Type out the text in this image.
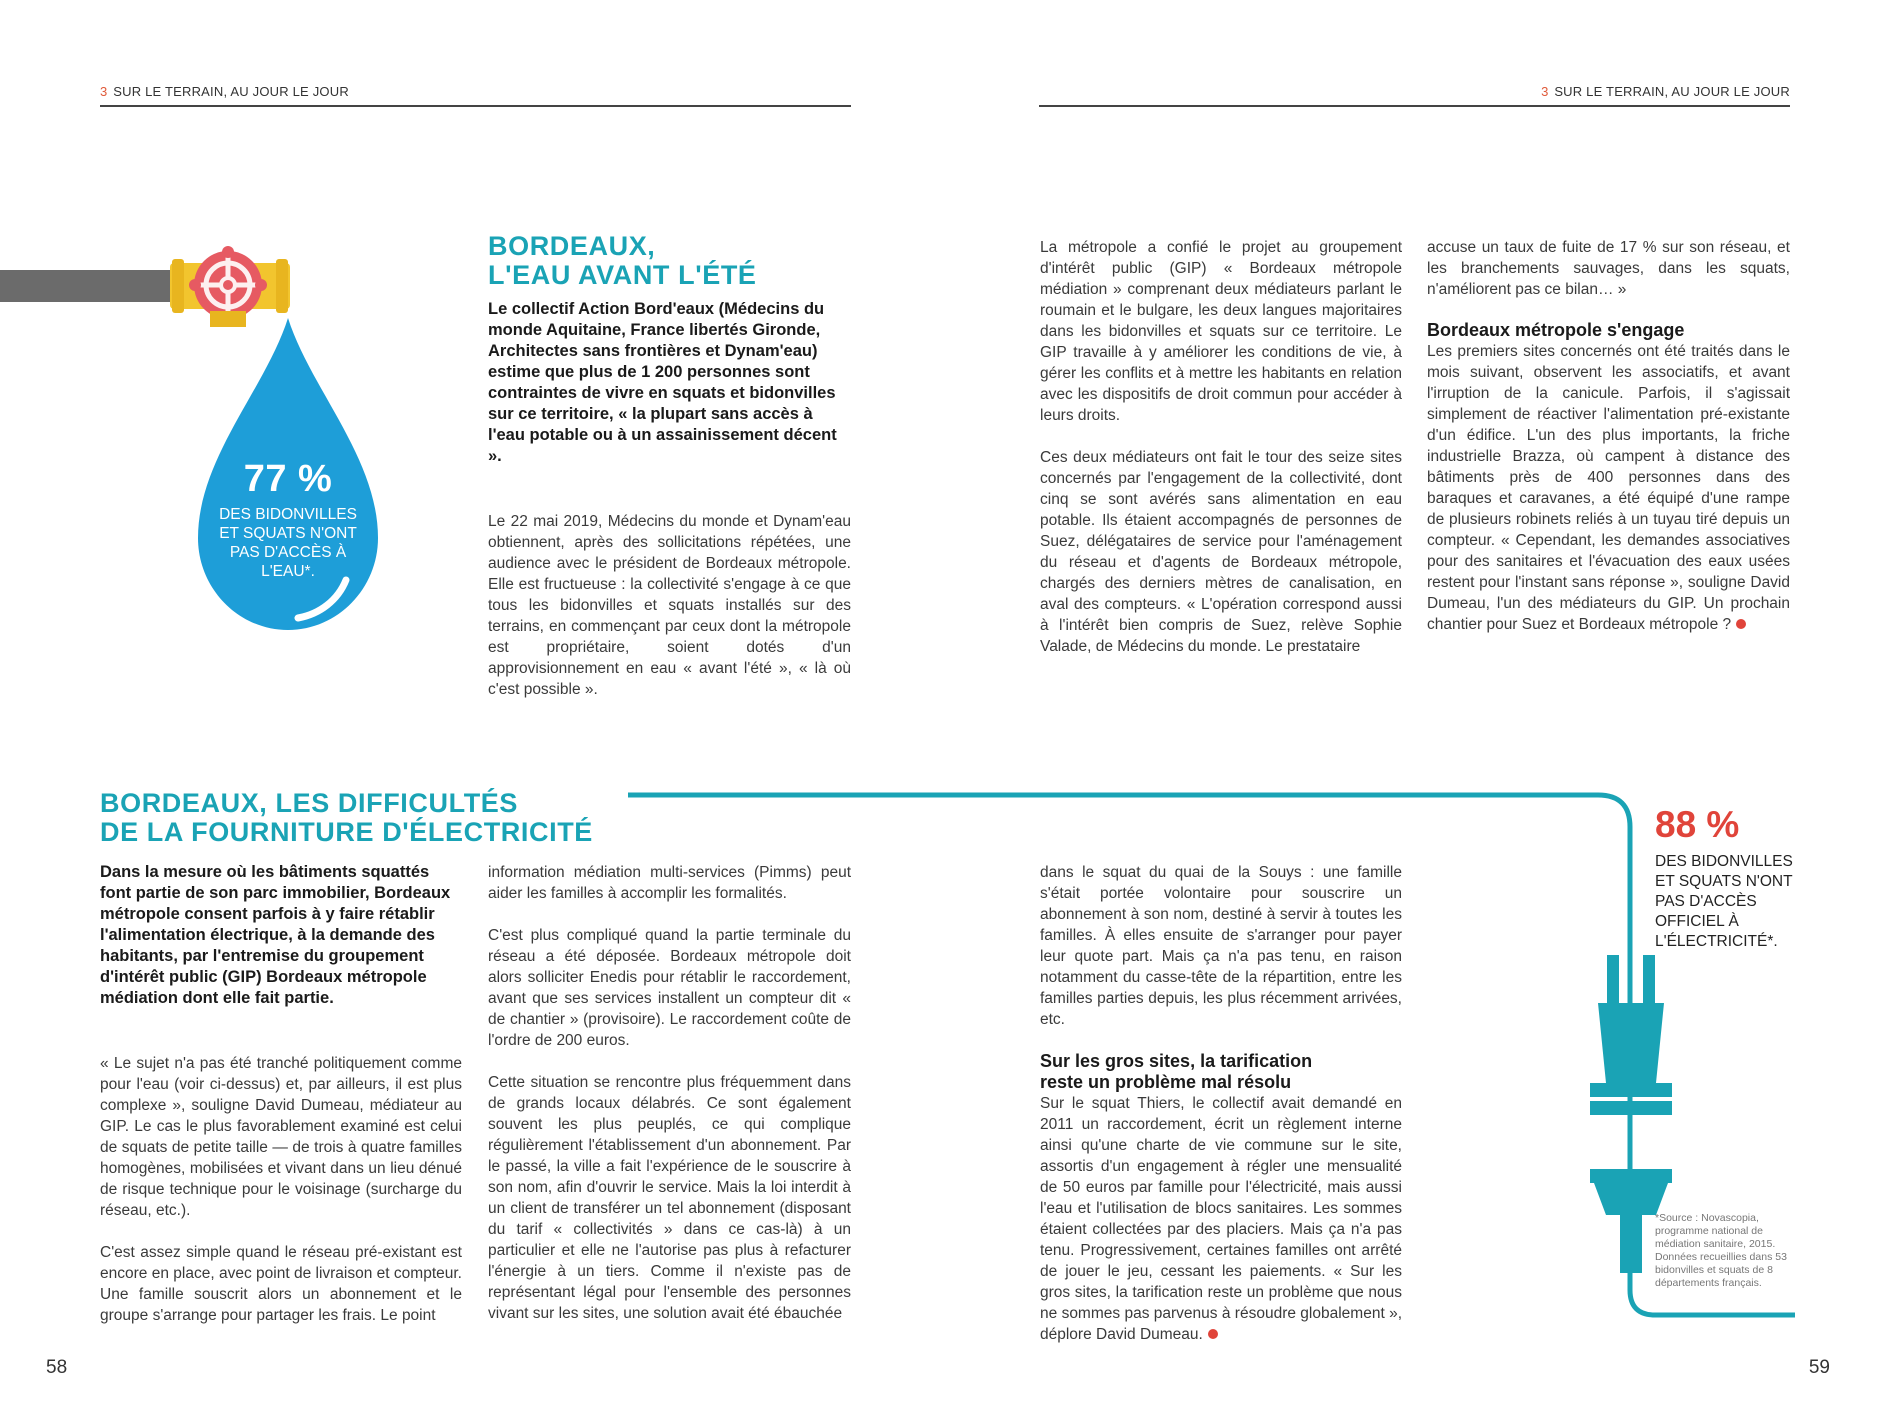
3 SUR LE TERRAIN, AU JOUR LE JOUR	3 SUR LE TERRAIN, AU JOUR LE JOUR
77 %
DES BIDONVILLES ET SQUATS N'ONT PAS D'ACCÈS À L'EAU*.
BORDEAUX,
L'EAU AVANT L'ÉTÉ

Le collectif Action Bord'eaux (Médecins du monde Aquitaine, France libertés Gironde, Architectes sans frontières et Dynam'eau) estime que plus de 1 200 personnes sont contraintes de vivre en squats et bidonvilles sur ce territoire, « la plupart sans accès à l'eau potable ou à un assainissement décent ».

Le 22 mai 2019, Médecins du monde et Dynam'eau obtiennent, après des sollicitations répétées, une audience avec le président de Bordeaux métropole. Elle est fructueuse : la collectivité s'engage à ce que tous les bidonvilles et squats installés sur des terrains, en commençant par ceux dont la métropole est propriétaire, soient dotés d'un approvisionnement en eau « avant l'été », « là où c'est possible ».

La métropole a confié le projet au groupement d'intérêt public (GIP) « Bordeaux métropole médiation » comprenant deux médiateurs parlant le roumain et le bulgare, les deux langues majoritaires dans les bidonvilles et squats sur ce territoire. Le GIP travaille à y améliorer les conditions de vie, à gérer les conflits et à mettre les habitants en relation avec les dispositifs de droit commun pour accéder à leurs droits.

Ces deux médiateurs ont fait le tour des seize sites concernés par l'engagement de la collectivité, dont cinq se sont avérés sans alimentation en eau potable. Ils étaient accompagnés de personnes de Suez, délégataires de service pour l'aménagement du réseau et d'agents de Bordeaux métropole, chargés des derniers mètres de canalisation, en aval des compteurs. « L'opération correspond aussi à l'intérêt bien compris de Suez, relève Sophie Valade, de Médecins du monde. Le prestataire

accuse un taux de fuite de 17 % sur son réseau, et les branchements sauvages, dans les squats, n'améliorent pas ce bilan… »

Bordeaux métropole s'engage

Les premiers sites concernés ont été traités dans le mois suivant, observent les associatifs, et avant l'irruption de la canicule. Parfois, il s'agissait simplement de réactiver l'alimentation pré-existante d'un édifice. L'un des plus importants, la friche industrielle Brazza, où campent à distance des bâtiments près de 400 personnes dans des baraques et caravanes, a été équipé d'une rampe de plusieurs robinets reliés à un tuyau tiré depuis un compteur. « Cependant, les demandes associatives pour des sanitaires et l'évacuation des eaux usées restent pour l'instant sans réponse », souligne David Dumeau, l'un des médiateurs du GIP. Un prochain chantier pour Suez et Bordeaux métropole ?

BORDEAUX, LES DIFFICULTÉS
DE LA FOURNITURE D'ÉLECTRICITÉ

Dans la mesure où les bâtiments squattés font partie de son parc immobilier, Bordeaux métropole consent parfois à y faire rétablir l'alimentation électrique, à la demande des habitants, par l'entremise du groupement d'intérêt public (GIP) Bordeaux métropole médiation dont elle fait partie.

« Le sujet n'a pas été tranché politiquement comme pour l'eau (voir ci-dessus) et, par ailleurs, il est plus complexe », souligne David Dumeau, médiateur au GIP. Le cas le plus favorablement examiné est celui de squats de petite taille — de trois à quatre familles homogènes, mobilisées et vivant dans un lieu dénué de risque technique pour le voisinage (surcharge du réseau, etc.).

C'est assez simple quand le réseau pré-existant est encore en place, avec point de livraison et compteur. Une famille souscrit alors un abonnement et le groupe s'arrange pour partager les frais. Le point

information médiation multi-services (Pimms) peut aider les familles à accomplir les formalités.

C'est plus compliqué quand la partie terminale du réseau a été déposée. Bordeaux métropole doit alors solliciter Enedis pour rétablir le raccordement, avant que ses services installent un compteur dit « de chantier » (provisoire). Le raccordement coûte de l'ordre de 200 euros.

Cette situation se rencontre plus fréquemment dans de grands locaux délabrés. Ce sont également souvent les plus peuplés, ce qui complique régulièrement l'établissement d'un abonnement. Par le passé, la ville a fait l'expérience de le souscrire à son nom, afin d'ouvrir le service. Mais la loi interdit à un client de transférer un tel abonnement (disposant du tarif « collectivités » dans ce cas-là) à un particulier et elle ne l'autorise pas plus à refacturer l'énergie à un tiers. Comme il n'existe pas de représentant légal pour l'ensemble des personnes vivant sur les sites, une solution avait été ébauchée

dans le squat du quai de la Souys : une famille s'était portée volontaire pour souscrire un abonnement à son nom, destiné à servir à toutes les familles. À elles ensuite de s'arranger pour payer leur quote part. Mais ça n'a pas tenu, en raison notamment du casse-tête de la répartition, entre les familles parties depuis, les plus récemment arrivées, etc.

Sur les gros sites, la tarification
reste un problème mal résolu

Sur le squat Thiers, le collectif avait demandé en 2011 un raccordement, écrit un règlement interne ainsi qu'une charte de vie commune sur le site, assortis d'un engagement à régler une mensualité de 50 euros par famille pour l'électricité, mais aussi l'eau et l'utilisation de blocs sanitaires. Les sommes étaient collectées par des placiers. Mais ça n'a pas tenu. Progressivement, certaines familles ont arrêté de jouer le jeu, cessant les paiements. « Sur les gros sites, la tarification reste un problème que nous ne sommes pas parvenus à résoudre globalement », déplore David Dumeau.

88 %
DES BIDONVILLES ET SQUATS N'ONT PAS D'ACCÈS OFFICIEL À L'ÉLECTRICITÉ*.
*Source : Novascopia, programme national de médiation sanitaire, 2015. Données recueillies dans 53 bidonvilles et squats de 8 départements français.
58	59
